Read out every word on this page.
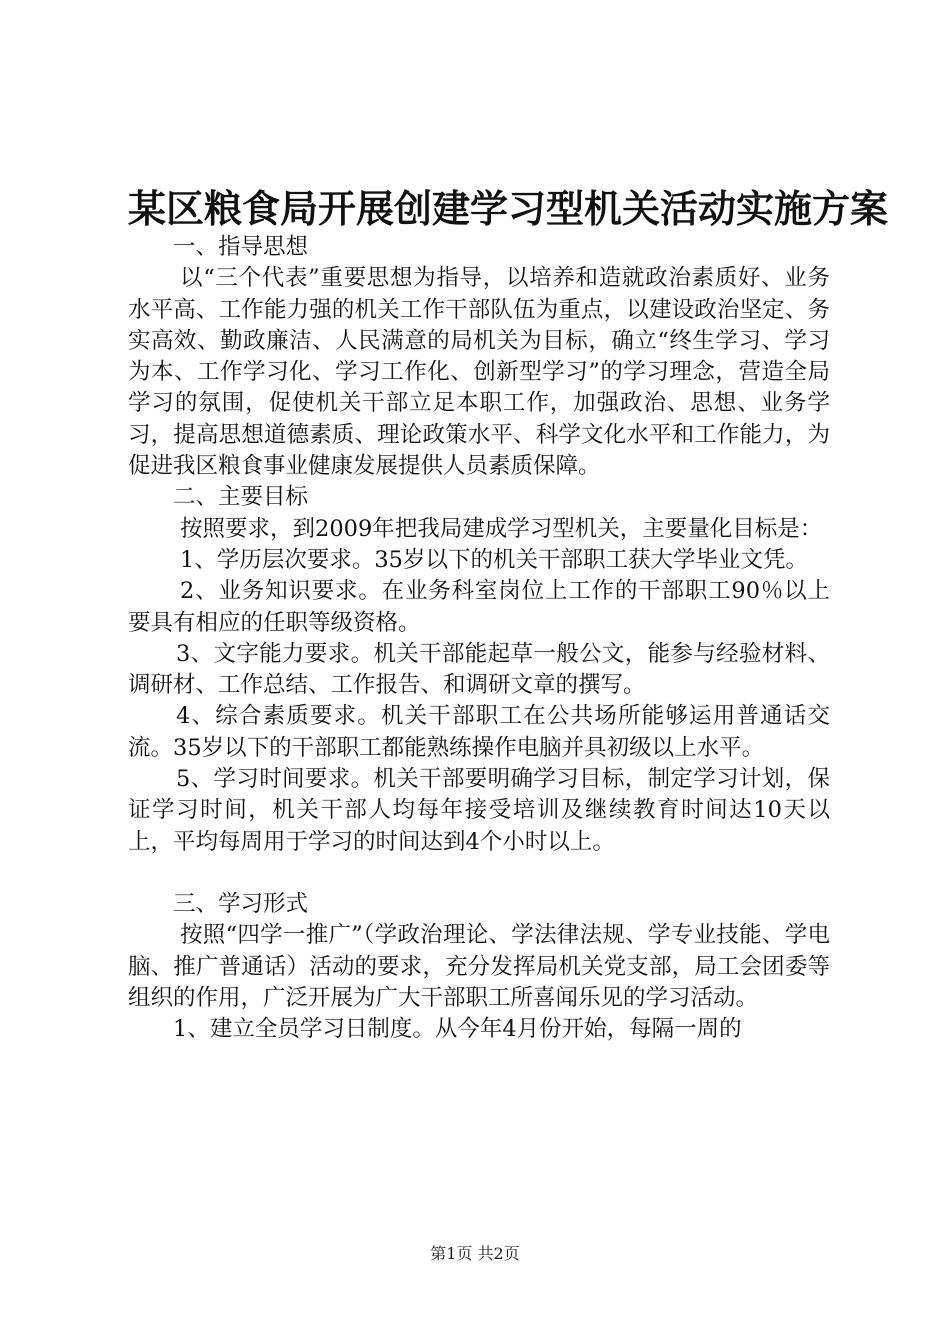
某区粮食局开展创建学习型机关活动实施方案

一、指导思想

以“三个代表”重要思想为指导，以培养和造就政治素质好、业务水平高、工作能力强的机关工作干部队伍为重点，以建设政治坚定、务实高效、勤政廉洁、人民满意的局机关为目标，确立“终生学习、学习为本、工作学习化、学习工作化、创新型学习”的学习理念，营造全局学习的氛围，促使机关干部立足本职工作，加强政治、思想、业务学习，提高思想道德素质、理论政策水平、科学文化水平和工作能力，为促进我区粮食事业健康发展提供人员素质保障。

二、主要目标

按照要求，到2009年把我局建成学习型机关，主要量化目标是：

1、学历层次要求。35岁以下的机关干部职工获大学毕业文凭。

2、业务知识要求。在业务科室岗位上工作的干部职工90％以上要具有相应的任职等级资格。

3、文字能力要求。机关干部能起草一般公文，能参与经验材料、调研材、工作总结、工作报告、和调研文章的撰写。

4、综合素质要求。机关干部职工在公共场所能够运用普通话交流。35岁以下的干部职工都能熟练操作电脑并具初级以上水平。

5、学习时间要求。机关干部要明确学习目标，制定学习计划，保证学习时间，机关干部人均每年接受培训及继续教育时间达10天以上，平均每周用于学习的时间达到4个小时以上。

三、学习形式

按照“四学一推广”（学政治理论、学法律法规、学专业技能、学电脑、推广普通话）活动的要求，充分发挥局机关党支部，局工会团委等组织的作用，广泛开展为广大干部职工所喜闻乐见的学习活动。

1、建立全员学习日制度。从今年4月份开始，每隔一周的

第1页 共2页
